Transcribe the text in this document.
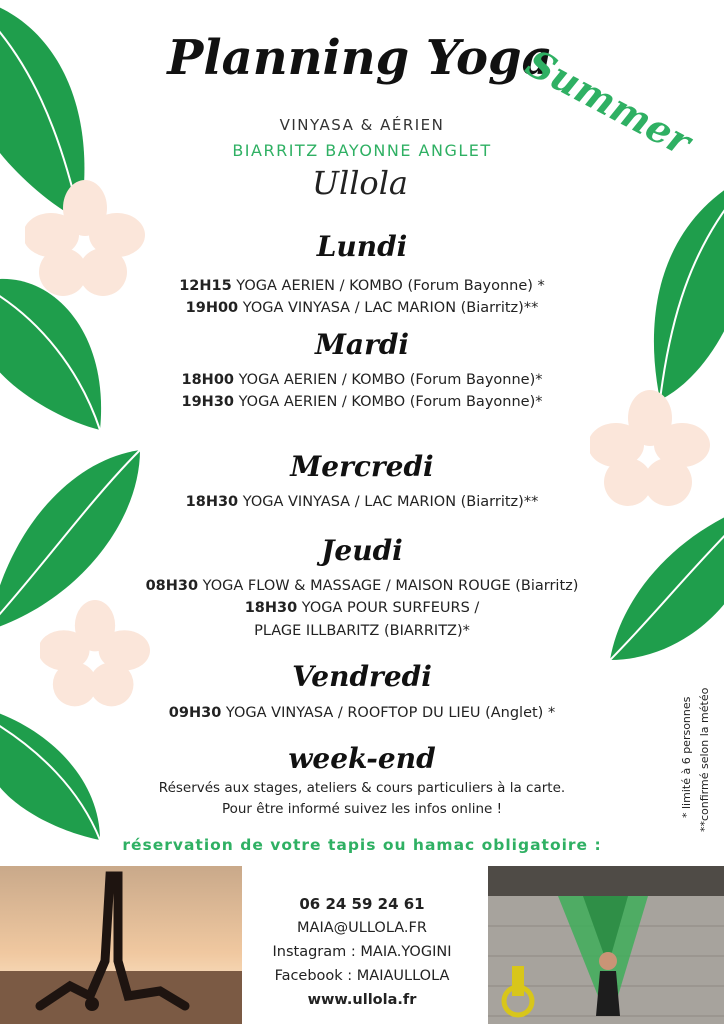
Planning Yoga
Summer
VINYASA & AÉRIEN
BIARRITZ BAYONNE ANGLET
Ullola
Lundi
12H15 YOGA AERIEN / KOMBO (Forum Bayonne) *
19H00 YOGA VINYASA / LAC MARION (Biarritz)**
Mardi
18H00 YOGA AERIEN / KOMBO (Forum Bayonne)*
19H30 YOGA AERIEN / KOMBO (Forum Bayonne)*
Mercredi
18H30 YOGA VINYASA / LAC MARION (Biarritz)**
Jeudi
08H30 YOGA FLOW & MASSAGE / MAISON ROUGE (Biarritz)
18H30 YOGA POUR SURFEURS /
PLAGE ILLBARITZ (BIARRITZ)*
Vendredi
09H30 YOGA VINYASA / ROOFTOP DU LIEU (Anglet) *
week-end
Réservés aux stages, ateliers & cours particuliers à la carte.
Pour être informé suivez les infos online !
réservation de votre tapis ou hamac obligatoire :
* limité à 6 personnes **confirmé selon la météo
06 24 59 24 61
MAIA@ULLOLA.FR
Instagram : MAIA.YOGINI
Facebook : MAIAULLOLA
www.ullola.fr
